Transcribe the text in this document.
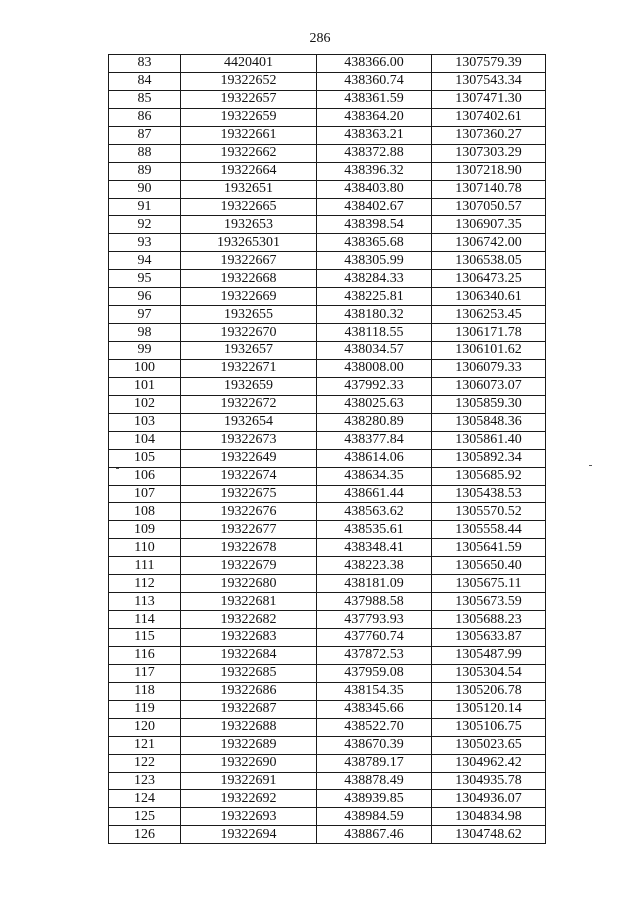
286
83	4420401	438366.00	1307579.39
84	19322652	438360.74	1307543.34
85	19322657	438361.59	1307471.30
86	19322659	438364.20	1307402.61
87	19322661	438363.21	1307360.27
88	19322662	438372.88	1307303.29
89	19322664	438396.32	1307218.90
90	1932651	438403.80	1307140.78
91	19322665	438402.67	1307050.57
92	1932653	438398.54	1306907.35
93	193265301	438365.68	1306742.00
94	19322667	438305.99	1306538.05
95	19322668	438284.33	1306473.25
96	19322669	438225.81	1306340.61
97	1932655	438180.32	1306253.45
98	19322670	438118.55	1306171.78
99	1932657	438034.57	1306101.62
100	19322671	438008.00	1306079.33
101	1932659	437992.33	1306073.07
102	19322672	438025.63	1305859.30
103	1932654	438280.89	1305848.36
104	19322673	438377.84	1305861.40
105	19322649	438614.06	1305892.34
106	19322674	438634.35	1305685.92
107	19322675	438661.44	1305438.53
108	19322676	438563.62	1305570.52
109	19322677	438535.61	1305558.44
110	19322678	438348.41	1305641.59
111	19322679	438223.38	1305650.40
112	19322680	438181.09	1305675.11
113	19322681	437988.58	1305673.59
114	19322682	437793.93	1305688.23
115	19322683	437760.74	1305633.87
116	19322684	437872.53	1305487.99
117	19322685	437959.08	1305304.54
118	19322686	438154.35	1305206.78
119	19322687	438345.66	1305120.14
120	19322688	438522.70	1305106.75
121	19322689	438670.39	1305023.65
122	19322690	438789.17	1304962.42
123	19322691	438878.49	1304935.78
124	19322692	438939.85	1304936.07
125	19322693	438984.59	1304834.98
126	19322694	438867.46	1304748.62
